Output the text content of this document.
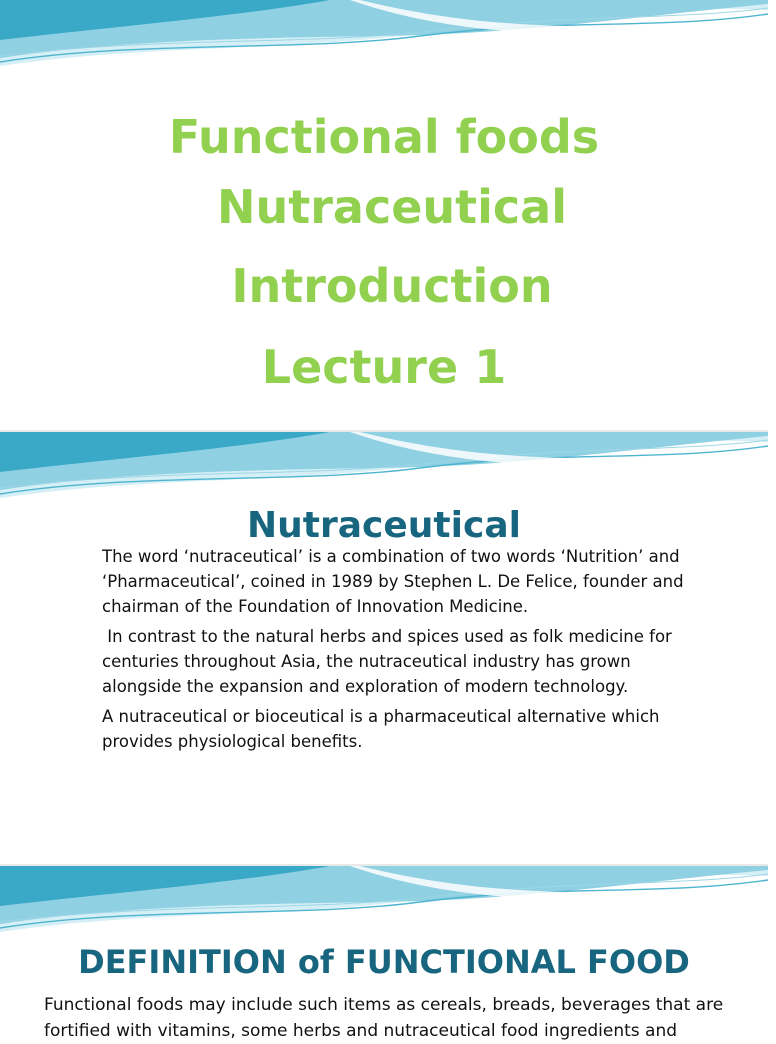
Functional foods
Nutraceutical
Introduction
Lecture 1
Nutraceutical

The word ‘nutraceutical’ is a combination of two words ‘Nutrition’ and ‘Pharmaceutical’, coined in 1989 by Stephen L. De Felice, founder and chairman of the Foundation of Innovation Medicine.

In contrast to the natural herbs and spices used as folk medicine for centuries throughout Asia, the nutraceutical industry has grown alongside the expansion and exploration of modern technology.

A nutraceutical or bioceutical is a pharmaceutical alternative which provides physiological benefits.

DEFINITION of FUNCTIONAL FOOD

Functional foods may include such items as cereals, breads, beverages that are fortified with vitamins, some herbs and nutraceutical food ingredients and
